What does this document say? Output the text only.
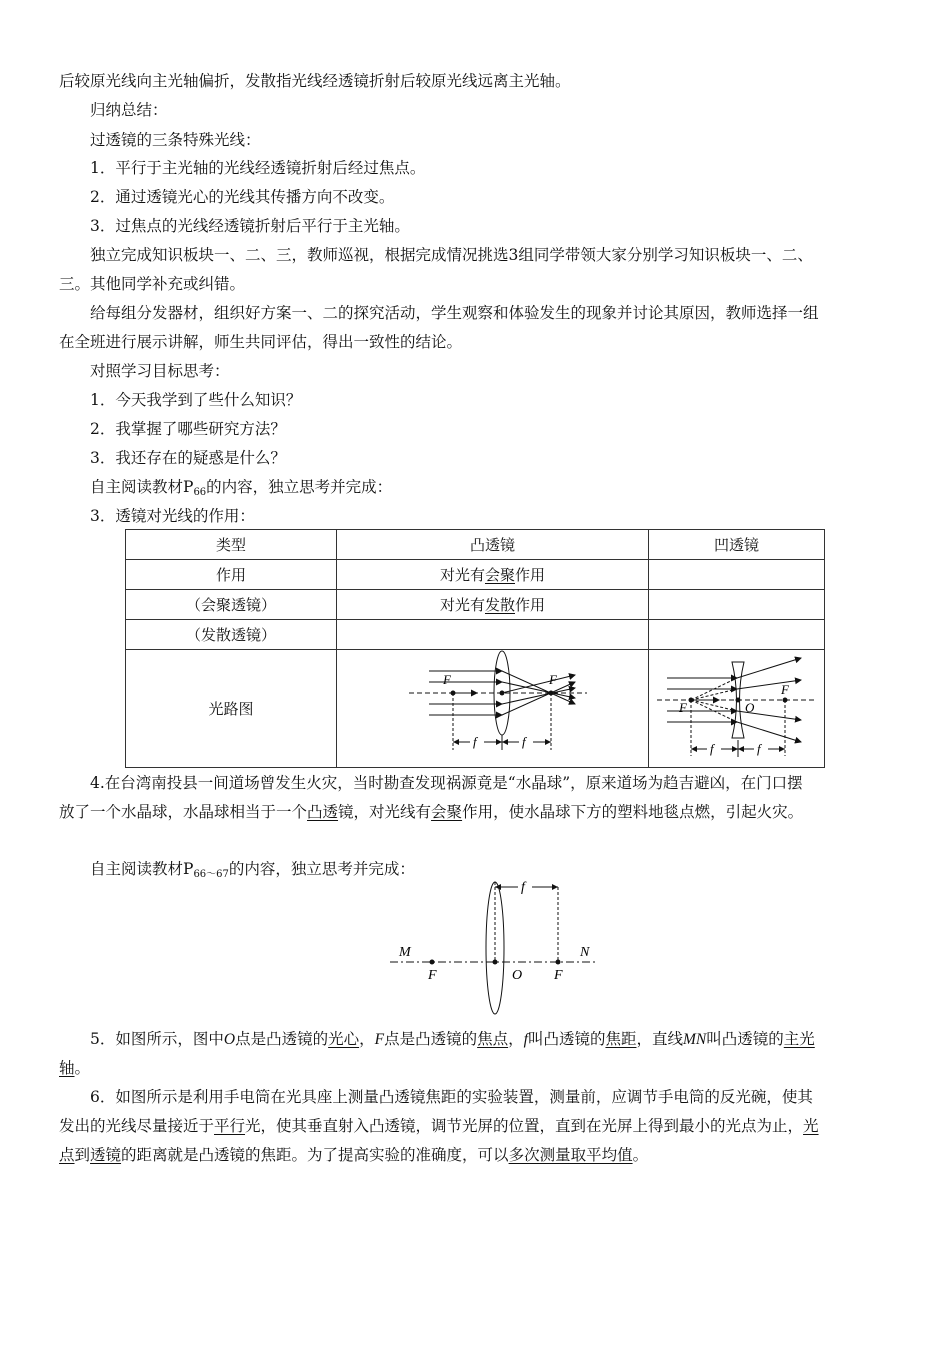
后较原光线向主光轴偏折，发散指光线经透镜折射后较原光线远离主光轴。
归纳总结：
过透镜的三条特殊光线：
1．平行于主光轴的光线经透镜折射后经过焦点。
2．通过透镜光心的光线其传播方向不改变。
3．过焦点的光线经透镜折射后平行于主光轴。
独立完成知识板块一、二、三，教师巡视，根据完成情况挑选3组同学带领大家分别学习知识板块一、二、
三。其他同学补充或纠错。
给每组分发器材，组织好方案一、二的探究活动，学生观察和体验发生的现象并讨论其原因，教师选择一组
在全班进行展示讲解，师生共同评估，得出一致性的结论。
对照学习目标思考：
1．今天我学到了些什么知识？
2．我掌握了哪些研究方法？
3．我还存在的疑惑是什么？
自主阅读教材P66的内容，独立思考并完成：
3．透镜对光线的作用：
类型	凸透镜	凹透镜
作用	对光有会聚作用	
（会聚透镜）	对光有发散作用	
（发散透镜）		
光路图	F F
f f	F O
F
f f
4.在台湾南投县一间道场曾发生火灾，当时勘查发现祸源竟是“水晶球”，原来道场为趋吉避凶，在门口摆
放了一个水晶球，水晶球相当于一个凸透镜，对光线有会聚作用，使水晶球下方的塑料地毯点燃，引起火灾。
自主阅读教材P66～67的内容，独立思考并完成：
f
M	N
F	O F
5．如图所示，图中O点是凸透镜的光心，F点是凸透镜的焦点，f叫凸透镜的焦距，直线MN叫凸透镜的主光
轴。
6．如图所示是利用手电筒在光具座上测量凸透镜焦距的实验装置，测量前，应调节手电筒的反光碗，使其
发出的光线尽量接近于平行光，使其垂直射入凸透镜，调节光屏的位置，直到在光屏上得到最小的光点为止，光
点到透镜的距离就是凸透镜的焦距。为了提高实验的准确度，可以多次测量取平均值。
